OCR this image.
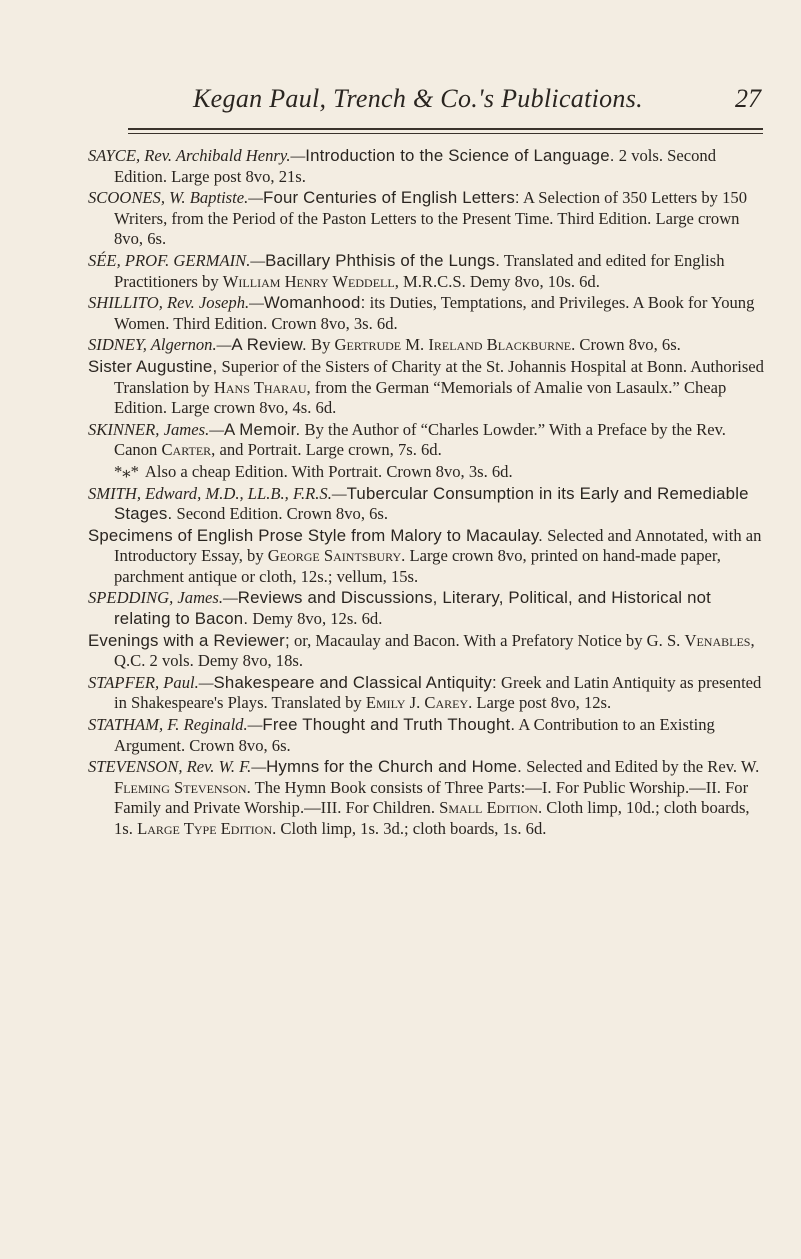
Kegan Paul, Trench & Co.'s Publications.	27
SAYCE, Rev. Archibald Henry.—Introduction to the Science of Language. 2 vols. Second Edition. Large post 8vo, 21s.
SCOONES, W. Baptiste.—Four Centuries of English Letters: A Selection of 350 Letters by 150 Writers, from the Period of the Paston Letters to the Present Time. Third Edition. Large crown 8vo, 6s.
SÉE, PROF. GERMAIN.—Bacillary Phthisis of the Lungs. Translated and edited for English Practitioners by William Henry Weddell, M.R.C.S. Demy 8vo, 10s. 6d.
SHILLITO, Rev. Joseph.—Womanhood: its Duties, Temptations, and Privileges. A Book for Young Women. Third Edition. Crown 8vo, 3s. 6d.
SIDNEY, Algernon.—A Review. By Gertrude M. Ireland Blackburne. Crown 8vo, 6s.
Sister Augustine, Superior of the Sisters of Charity at the St. Johannis Hospital at Bonn. Authorised Translation by Hans Tharau, from the German “Memorials of Amalie von Lasaulx.” Cheap Edition. Large crown 8vo, 4s. 6d.
SKINNER, James.—A Memoir. By the Author of “Charles Lowder.” With a Preface by the Rev. Canon Carter, and Portrait. Large crown, 7s. 6d.
*⁎* Also a cheap Edition. With Portrait. Crown 8vo, 3s. 6d.
SMITH, Edward, M.D., LL.B., F.R.S.—Tubercular Consumption in its Early and Remediable Stages. Second Edition. Crown 8vo, 6s.
Specimens of English Prose Style from Malory to Macaulay. Selected and Annotated, with an Introductory Essay, by George Saintsbury. Large crown 8vo, printed on hand-made paper, parchment antique or cloth, 12s.; vellum, 15s.
SPEDDING, James.—Reviews and Discussions, Literary, Political, and Historical not relating to Bacon. Demy 8vo, 12s. 6d.
Evenings with a Reviewer; or, Macaulay and Bacon. With a Prefatory Notice by G. S. Venables, Q.C. 2 vols. Demy 8vo, 18s.
STAPFER, Paul.—Shakespeare and Classical Antiquity: Greek and Latin Antiquity as presented in Shakespeare's Plays. Translated by Emily J. Carey. Large post 8vo, 12s.
STATHAM, F. Reginald.—Free Thought and Truth Thought. A Contribution to an Existing Argument. Crown 8vo, 6s.
STEVENSON, Rev. W. F.—Hymns for the Church and Home. Selected and Edited by the Rev. W. Fleming Stevenson. The Hymn Book consists of Three Parts:—I. For Public Worship.—II. For Family and Private Worship.—III. For Children. Small Edition. Cloth limp, 10d.; cloth boards, 1s. Large Type Edition. Cloth limp, 1s. 3d.; cloth boards, 1s. 6d.
